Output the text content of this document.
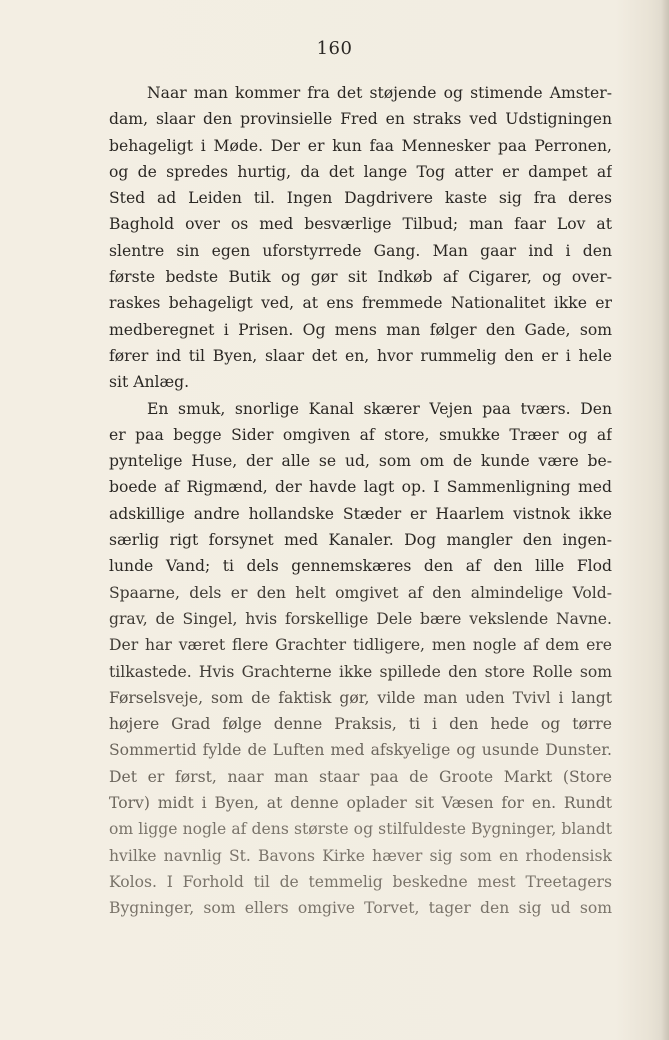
160
Naar man kommer fra det støjende og stimende Amster-
dam, slaar den provinsielle Fred en straks ved Udstigningen
behageligt i Møde. Der er kun faa Mennesker paa Perronen,
og de spredes hurtig, da det lange Tog atter er dampet af
Sted ad Leiden til. Ingen Dagdrivere kaste sig fra deres
Baghold over os med besværlige Tilbud; man faar Lov at
slentre sin egen uforstyrrede Gang. Man gaar ind i den
første bedste Butik og gør sit Indkøb af Cigarer, og over-
raskes behageligt ved, at ens fremmede Nationalitet ikke er
medberegnet i Prisen. Og mens man følger den Gade, som
fører ind til Byen, slaar det en, hvor rummelig den er i hele
sit Anlæg.
En smuk, snorlige Kanal skærer Vejen paa tværs. Den
er paa begge Sider omgiven af store, smukke Træer og af
pyntelige Huse, der alle se ud, som om de kunde være be-
boede af Rigmænd, der havde lagt op. I Sammenligning med
adskillige andre hollandske Stæder er Haarlem vistnok ikke
særlig rigt forsynet med Kanaler. Dog mangler den ingen-
lunde Vand; ti dels gennemskæres den af den lille Flod
Spaarne, dels er den helt omgivet af den almindelige Vold-
grav, de Singel, hvis forskellige Dele bære vekslende Navne.
Der har været flere Grachter tidligere, men nogle af dem ere
tilkastede. Hvis Grachterne ikke spillede den store Rolle som
Førselsveje, som de faktisk gør, vilde man uden Tvivl i langt
højere Grad følge denne Praksis, ti i den hede og tørre
Sommertid fylde de Luften med afskyelige og usunde Dunster.
Det er først, naar man staar paa de Groote Markt (Store
Torv) midt i Byen, at denne oplader sit Væsen for en. Rundt
om ligge nogle af dens største og stilfuldeste Bygninger, blandt
hvilke navnlig St. Bavons Kirke hæver sig som en rhodensisk
Kolos. I Forhold til de temmelig beskedne mest Treetagers
Bygninger, som ellers omgive Torvet, tager den sig ud som
